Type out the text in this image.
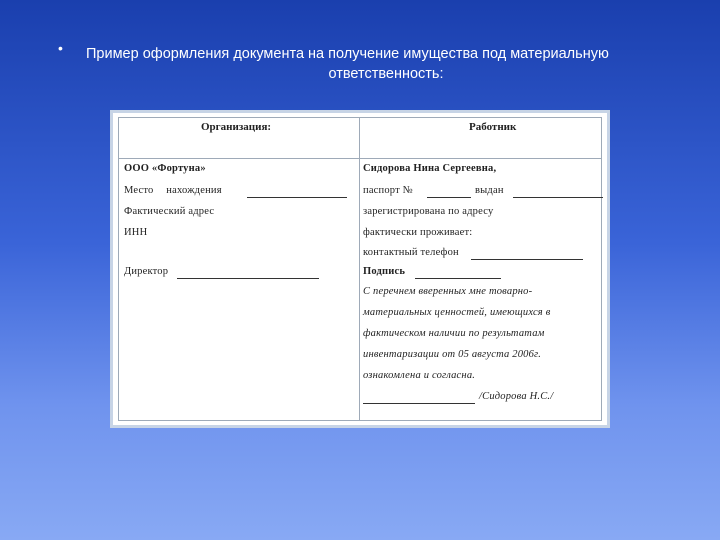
• Пример оформления документа на получение имущества под материальную
ответственность:
Организация:	Работник
ООО «Фортуна»
Место нахождения
Фактический адрес
ИНН
Директор
Сидорова Нина Сергеевна,
паспорт №	выдан
зарегистрирована по адресу
фактически проживает:
контактный телефон
Подпись
С перечнем вверенных мне товарно-
материальных ценностей, имеющихся в
фактическом наличии по результатам
инвентаризации от 05 августа 2006г.
ознакомлена и согласна.
/Сидорова Н.С./
